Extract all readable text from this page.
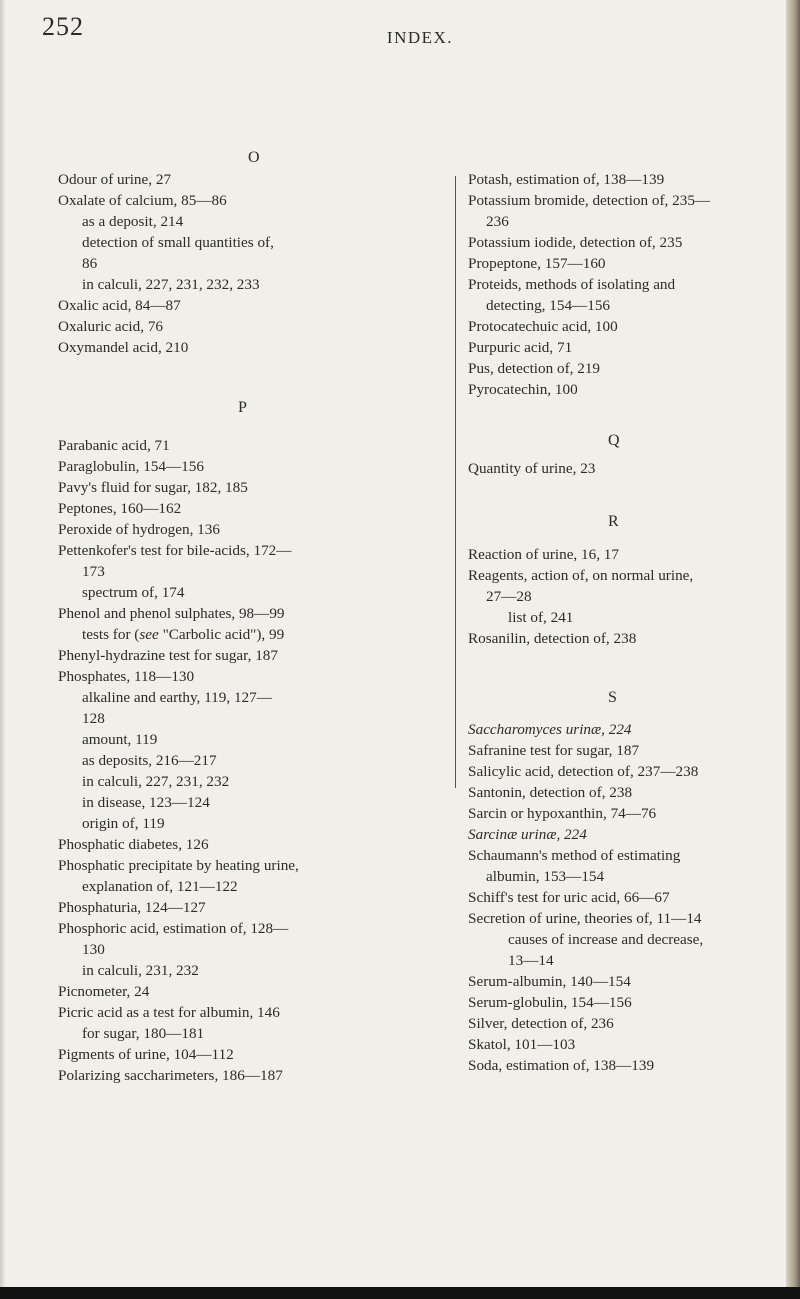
252	INDEX.
O
Odour of urine, 27
Oxalate of calcium, 85—86
as a deposit, 214
detection of small quantities of,
86
in calculi, 227, 231, 232, 233
Oxalic acid, 84—87
Oxaluric acid, 76
Oxymandel acid, 210
P
Parabanic acid, 71
Paraglobulin, 154—156
Pavy's fluid for sugar, 182, 185
Peptones, 160—162
Peroxide of hydrogen, 136
Pettenkofer's test for bile-acids, 172—
173
spectrum of, 174
Phenol and phenol sulphates, 98—99
tests for (see "Carbolic acid"), 99
Phenyl-hydrazine test for sugar, 187
Phosphates, 118—130
alkaline and earthy, 119, 127—
128
amount, 119
as deposits, 216—217
in calculi, 227, 231, 232
in disease, 123—124
origin of, 119
Phosphatic diabetes, 126
Phosphatic precipitate by heating urine,
explanation of, 121—122
Phosphaturia, 124—127
Phosphoric acid, estimation of, 128—
130
in calculi, 231, 232
Picnometer, 24
Picric acid as a test for albumin, 146
for sugar, 180—181
Pigments of urine, 104—112
Polarizing saccharimeters, 186—187
Potash, estimation of, 138—139
Potassium bromide, detection of, 235—
236
Potassium iodide, detection of, 235
Propeptone, 157—160
Proteids, methods of isolating and
detecting, 154—156
Protocatechuic acid, 100
Purpuric acid, 71
Pus, detection of, 219
Pyrocatechin, 100
Q
Quantity of urine, 23
R
Reaction of urine, 16, 17
Reagents, action of, on normal urine,
27—28
list of, 241
Rosanilin, detection of, 238
S
Saccharomyces urinæ, 224
Safranine test for sugar, 187
Salicylic acid, detection of, 237—238
Santonin, detection of, 238
Sarcin or hypoxanthin, 74—76
Sarcinæ urinæ, 224
Schaumann's method of estimating
albumin, 153—154
Schiff's test for uric acid, 66—67
Secretion of urine, theories of, 11—14
causes of increase and decrease,
13—14
Serum-albumin, 140—154
Serum-globulin, 154—156
Silver, detection of, 236
Skatol, 101—103
Soda, estimation of, 138—139
